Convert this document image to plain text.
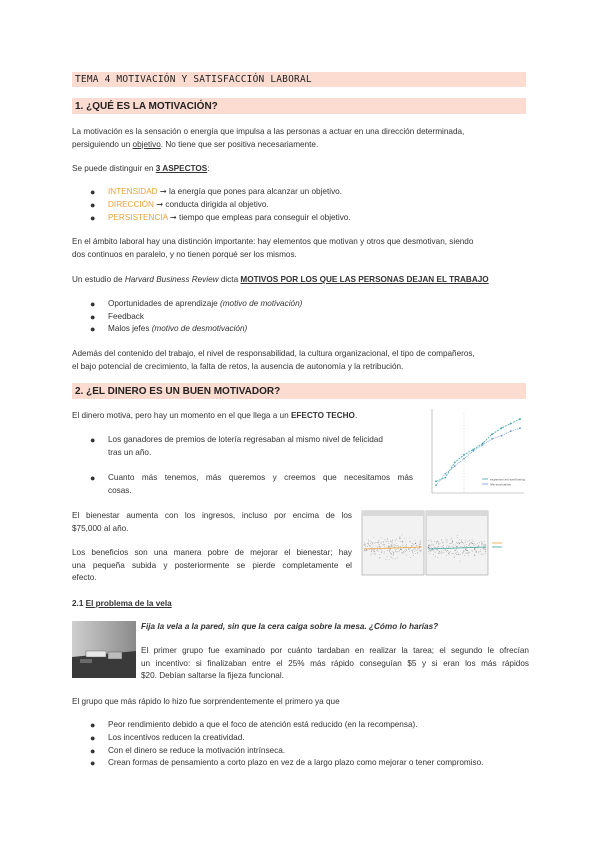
TEMA 4 MOTIVACIÓN Y SATISFACCIÓN LABORAL
1. ¿QUÉ ES LA MOTIVACIÓN?
La motivación es la sensación o energía que impulsa a las personas a actuar en una dirección determinada,
persiguiendo un objetivo. No tiene que ser positiva necesariamente.
Se puede distinguir en 3 ASPECTOS:
● INTENSIDAD ➞ la energía que pones para alcanzar un objetivo.
● DIRECCIÓN ➞ conducta dirigida al objetivo.
● PERSISTENCIA ➞ tiempo que empleas para conseguir el objetivo.
En el ámbito laboral hay una distinción importante: hay elementos que motivan y otros que desmotivan, siendo
dos continuos en paralelo, y no tienen porqué ser los mismos.
Un estudio de Harvard Business Review dicta MOTIVOS POR LOS QUE LAS PERSONAS DEJAN EL TRABAJO
● Oportunidades de aprendizaje (motivo de motivación)
● Feedback
● Malos jefes (motivo de desmotivación)
Además del contenido del trabajo, el nivel de responsabilidad, la cultura organizacional, el tipo de compañeros,
el bajo potencial de crecimiento, la falta de retos, la ausencia de autonomía y la retribución.
2. ¿EL DINERO ES UN BUEN MOTIVADOR?
El dinero motiva, pero hay un momento en el que llega a un EFECTO TECHO.
● Los ganadores de premios de lotería regresaban al mismo nivel de felicidad
tras un año.
● Cuanto más tenemos, más queremos y creemos que necesitamos más
cosas.
El bienestar aumenta con los ingresos, incluso por encima de los
$75,000 al año.
Los beneficios son una manera pobre de mejorar el bienestar; hay
una pequeña subida y posteriormente se pierde completamente el
efecto.
experienced well-being
life evaluation
2.1 El problema de la vela
Fija la vela a la pared, sin que la cera caiga sobre la mesa. ¿Cómo lo harías?
El primer grupo fue examinado por cuánto tardaban en realizar la tarea; el segundo le ofrecían
un incentivo: si finalizaban entre el 25% más rápido conseguían $5 y si eran los más rápidos
$20. Debían saltarse la fijeza funcional.
El grupo que más rápido lo hizo fue sorprendentemente el primero ya que
● Peor rendimiento debido a que el foco de atención está reducido (en la recompensa).
● Los incentivos reducen la creatividad.
● Con el dinero se reduce la motivación intrínseca.
● Crean formas de pensamiento a corto plazo en vez de a largo plazo como mejorar o tener compromiso.
